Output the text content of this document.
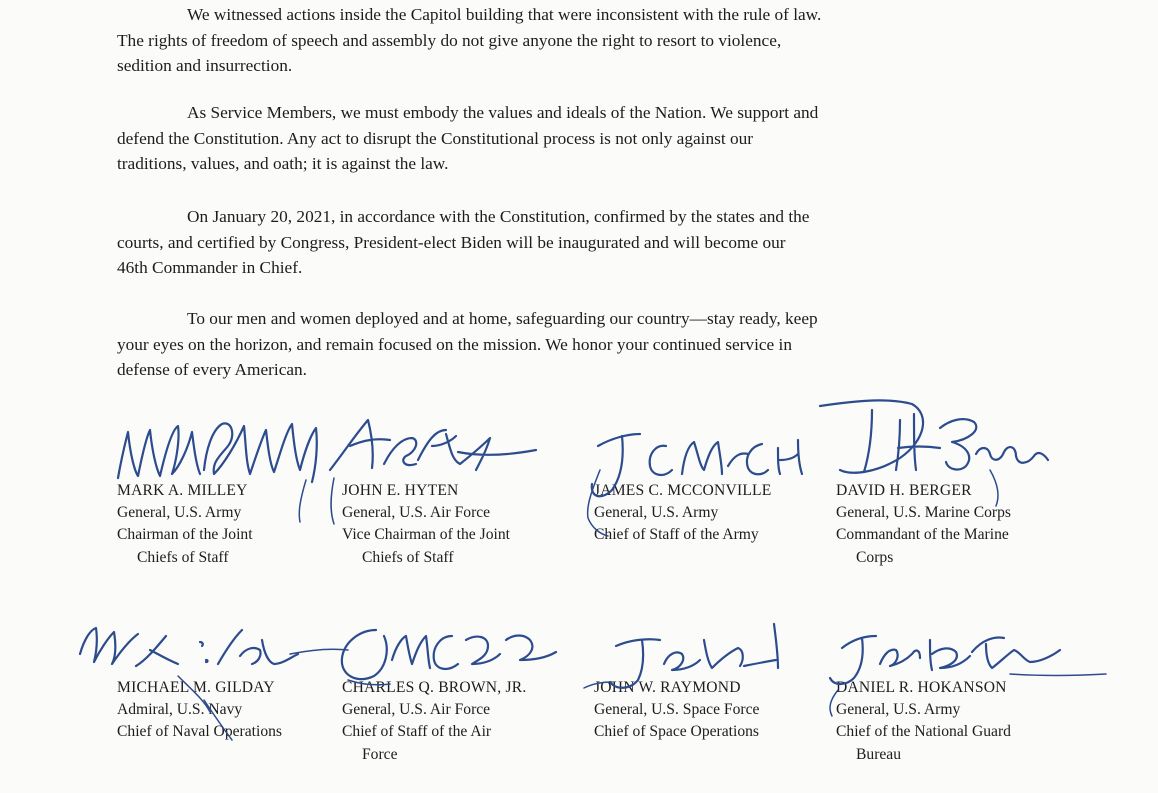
We witnessed actions inside the Capitol building that were inconsistent with the rule of law.
The rights of freedom of speech and assembly do not give anyone the right to resort to violence,
sedition and insurrection.

As Service Members, we must embody the values and ideals of the Nation. We support and
defend the Constitution. Any act to disrupt the Constitutional process is not only against our
traditions, values, and oath; it is against the law.

On January 20, 2021, in accordance with the Constitution, confirmed by the states and the
courts, and certified by Congress, President-elect Biden will be inaugurated and will become our
46th Commander in Chief.

To our men and women deployed and at home, safeguarding our country—stay ready, keep
your eyes on the horizon, and remain focused on the mission. We honor your continued service in
defense of every American.

MARK A. MILLEY
General, U.S. Army
Chairman of the Joint
Chiefs of Staff
JOHN E. HYTEN
General, U.S. Air Force
Vice Chairman of the Joint
Chiefs of Staff
JAMES C. MCCONVILLE
General, U.S. Army
Chief of Staff of the Army
DAVID H. BERGER
General, U.S. Marine Corps
Commandant of the Marine
Corps
MICHAEL M. GILDAY
Admiral, U.S. Navy
Chief of Naval Operations
CHARLES Q. BROWN, JR.
General, U.S. Air Force
Chief of Staff of the Air
Force
JOHN W. RAYMOND
General, U.S. Space Force
Chief of Space Operations
DANIEL R. HOKANSON
General, U.S. Army
Chief of the National Guard
Bureau
